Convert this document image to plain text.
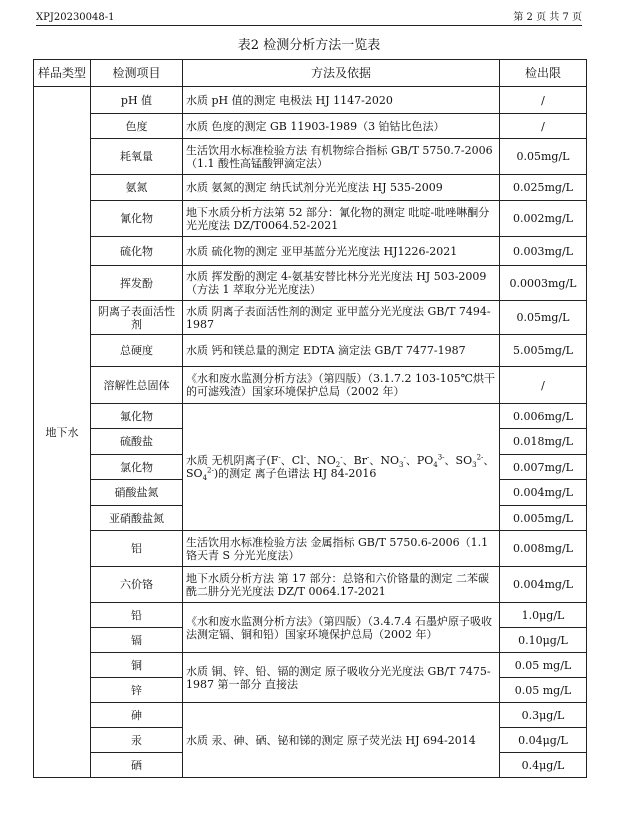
XPJ20230048-1	第 2 页 共 7 页
表2 检测分析方法一览表
样品类型	检测项目	方法及依据	检出限
地下水	pH 值	水质 pH 值的测定 电极法 HJ 1147-2020	/
	色度	水质 色度的测定 GB 11903-1989（3 铂钴比色法）	/
	耗氧量	生活饮用水标准检验方法 有机物综合指标 GB/T 5750.7-2006（1.1 酸性高锰酸钾滴定法）	0.05mg/L
	氨氮	水质 氨氮的测定 纳氏试剂分光光度法 HJ 535-2009	0.025mg/L
	氰化物	地下水质分析方法第 52 部分：氰化物的测定 吡啶-吡唑啉酮分光光度法 DZ/T0064.52-2021	0.002mg/L
	硫化物	水质 硫化物的测定 亚甲基蓝分光光度法 HJ1226-2021	0.003mg/L
	挥发酚	水质 挥发酚的测定 4-氨基安替比林分光光度法 HJ 503-2009（方法 1 萃取分光光度法）	0.0003mg/L
	阴离子表面活性剂	水质 阴离子表面活性剂的测定 亚甲蓝分光光度法 GB/T 7494-1987	0.05mg/L
	总硬度	水质 钙和镁总量的测定 EDTA 滴定法 GB/T 7477-1987	5.005mg/L
	溶解性总固体	《水和废水监测分析方法》（第四版）（3.1.7.2 103-105℃烘干的可滤残渣）国家环境保护总局（2002 年）	/
	氟化物	水质 无机阴离子(F-、Cl-、$NO_2^-$、Br-、$NO_3^-$、$PO_4^{3-}$、$SO_3^{2-}$、$SO_4^{2-}$)的测定 离子色谱法 HJ 84-2016	0.006mg/L
	硫酸盐		0.018mg/L
	氯化物		0.007mg/L
	硝酸盐氮		0.004mg/L
	亚硝酸盐氮		0.005mg/L
	铝	生活饮用水标准检验方法 金属指标 GB/T 5750.6-2006（1.1 铬天青 S 分光光度法）	0.008mg/L
	六价铬	地下水质分析方法 第 17 部分：总铬和六价铬量的测定 二苯碳酰二肼分光光度法 DZ/T 0064.17-2021	0.004mg/L
	铅	《水和废水监测分析方法》（第四版）（3.4.7.4 石墨炉原子吸收法测定镉、铜和铅）国家环境保护总局（2002 年）	1.0μg/L
	镉		0.10μg/L
	铜	水质 铜、锌、铅、镉的测定 原子吸收分光光度法 GB/T 7475-1987 第一部分 直接法	0.05 mg/L
	锌		0.05 mg/L
	砷	水质 汞、砷、硒、铋和锑的测定 原子荧光法 HJ 694-2014	0.3μg/L
	汞		0.04μg/L
	硒		0.4μg/L
